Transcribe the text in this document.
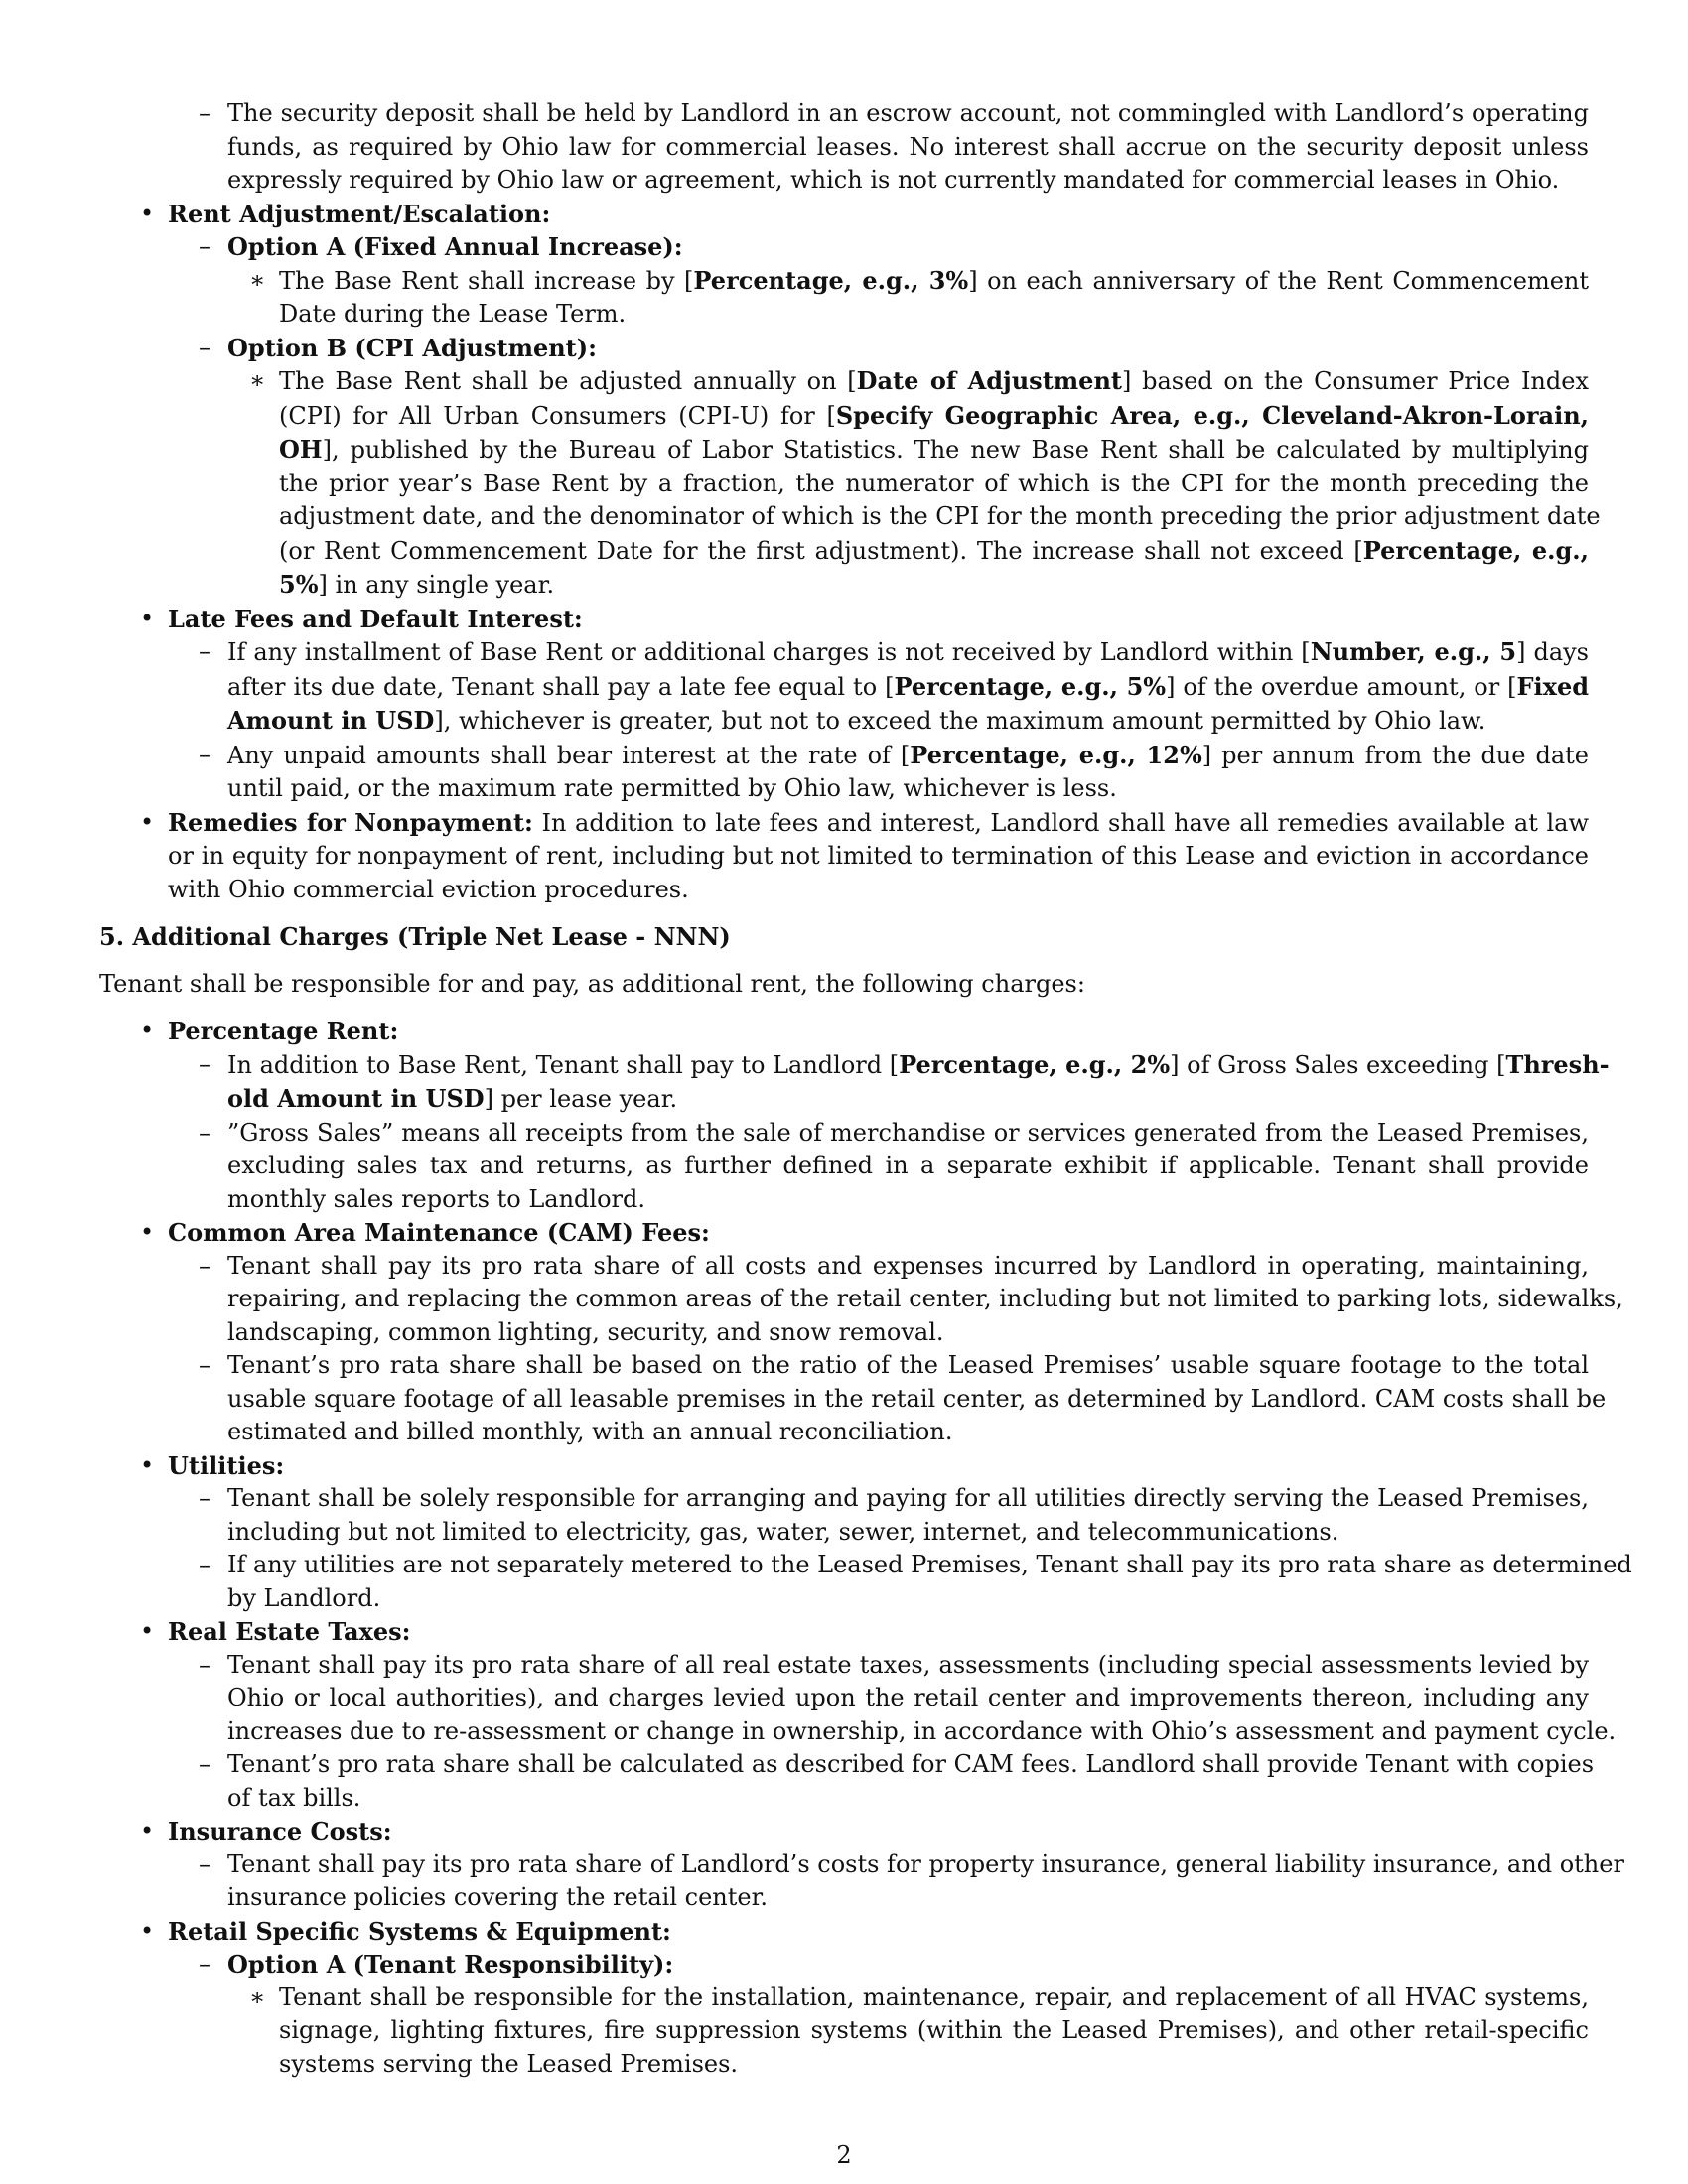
– The security deposit shall be held by Landlord in an escrow account, not commingled with Landlord’s operating
funds, as required by Ohio law for commercial leases. No interest shall accrue on the security deposit unless
expressly required by Ohio law or agreement, which is not currently mandated for commercial leases in Ohio.
• Rent Adjustment/Escalation:
– Option A (Fixed Annual Increase):
∗ The Base Rent shall increase by [Percentage, e.g., 3%] on each anniversary of the Rent Commencement
Date during the Lease Term.
– Option B (CPI Adjustment):
∗ The Base Rent shall be adjusted annually on [Date of Adjustment] based on the Consumer Price Index
(CPI) for All Urban Consumers (CPI-U) for [Specify Geographic Area, e.g., Cleveland-Akron-Lorain,
OH], published by the Bureau of Labor Statistics. The new Base Rent shall be calculated by multiplying
the prior year’s Base Rent by a fraction, the numerator of which is the CPI for the month preceding the
adjustment date, and the denominator of which is the CPI for the month preceding the prior adjustment date
(or Rent Commencement Date for the first adjustment). The increase shall not exceed [Percentage, e.g.,
5%] in any single year.
• Late Fees and Default Interest:
– If any installment of Base Rent or additional charges is not received by Landlord within [Number, e.g., 5] days
after its due date, Tenant shall pay a late fee equal to [Percentage, e.g., 5%] of the overdue amount, or [Fixed
Amount in USD], whichever is greater, but not to exceed the maximum amount permitted by Ohio law.
– Any unpaid amounts shall bear interest at the rate of [Percentage, e.g., 12%] per annum from the due date
until paid, or the maximum rate permitted by Ohio law, whichever is less.
• Remedies for Nonpayment: In addition to late fees and interest, Landlord shall have all remedies available at law
or in equity for nonpayment of rent, including but not limited to termination of this Lease and eviction in accordance
with Ohio commercial eviction procedures.
5. Additional Charges (Triple Net Lease - NNN)
Tenant shall be responsible for and pay, as additional rent, the following charges:
• Percentage Rent:
– In addition to Base Rent, Tenant shall pay to Landlord [Percentage, e.g., 2%] of Gross Sales exceeding [Thresh-
old Amount in USD] per lease year.
– ”Gross Sales” means all receipts from the sale of merchandise or services generated from the Leased Premises,
excluding sales tax and returns, as further defined in a separate exhibit if applicable. Tenant shall provide
monthly sales reports to Landlord.
• Common Area Maintenance (CAM) Fees:
– Tenant shall pay its pro rata share of all costs and expenses incurred by Landlord in operating, maintaining,
repairing, and replacing the common areas of the retail center, including but not limited to parking lots, sidewalks,
landscaping, common lighting, security, and snow removal.
– Tenant’s pro rata share shall be based on the ratio of the Leased Premises’ usable square footage to the total
usable square footage of all leasable premises in the retail center, as determined by Landlord. CAM costs shall be
estimated and billed monthly, with an annual reconciliation.
• Utilities:
– Tenant shall be solely responsible for arranging and paying for all utilities directly serving the Leased Premises,
including but not limited to electricity, gas, water, sewer, internet, and telecommunications.
– If any utilities are not separately metered to the Leased Premises, Tenant shall pay its pro rata share as determined
by Landlord.
• Real Estate Taxes:
– Tenant shall pay its pro rata share of all real estate taxes, assessments (including special assessments levied by
Ohio or local authorities), and charges levied upon the retail center and improvements thereon, including any
increases due to re-assessment or change in ownership, in accordance with Ohio’s assessment and payment cycle.
– Tenant’s pro rata share shall be calculated as described for CAM fees. Landlord shall provide Tenant with copies
of tax bills.
• Insurance Costs:
– Tenant shall pay its pro rata share of Landlord’s costs for property insurance, general liability insurance, and other
insurance policies covering the retail center.
• Retail Specific Systems & Equipment:
– Option A (Tenant Responsibility):
∗ Tenant shall be responsible for the installation, maintenance, repair, and replacement of all HVAC systems,
signage, lighting fixtures, fire suppression systems (within the Leased Premises), and other retail-specific
systems serving the Leased Premises.
2
